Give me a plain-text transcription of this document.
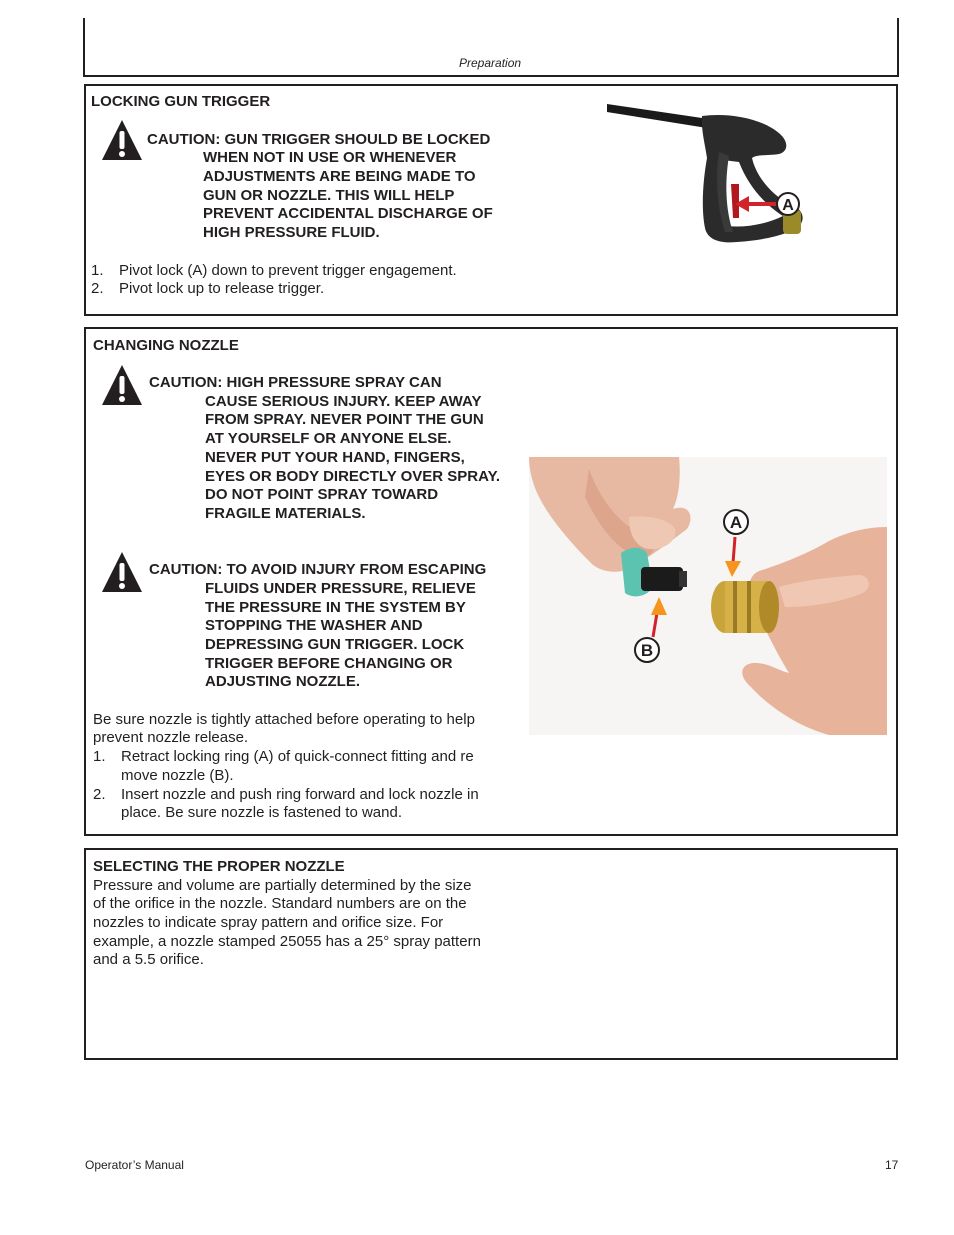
Preparation
LOCKING GUN TRIGGER
CAUTION: GUN TRIGGER SHOULD BE LOCKED
WHEN NOT IN USE OR WHENEVER
ADJUSTMENTS ARE BEING MADE TO
GUN OR NOZZLE. THIS WILL HELP
PREVENT ACCIDENTAL DISCHARGE OF
HIGH PRESSURE FLUID.
1. Pivot lock (A) down to prevent trigger engagement.
2. Pivot lock up to release trigger.
A
CHANGING NOZZLE
CAUTION: HIGH PRESSURE SPRAY CAN
CAUSE SERIOUS INJURY. KEEP AWAY
FROM SPRAY. NEVER POINT THE GUN
AT YOURSELF OR ANYONE ELSE.
NEVER PUT YOUR HAND, FINGERS,
EYES OR BODY DIRECTLY OVER SPRAY.
DO NOT POINT SPRAY TOWARD
FRAGILE MATERIALS.
CAUTION: TO AVOID INJURY FROM ESCAPING
FLUIDS UNDER PRESSURE, RELIEVE
THE PRESSURE IN THE SYSTEM BY
STOPPING THE WASHER AND
DEPRESSING GUN TRIGGER. LOCK
TRIGGER BEFORE CHANGING OR
ADJUSTING NOZZLE.
Be sure nozzle is tightly attached before operating to help
prevent nozzle release.
1. Retract locking ring (A) of quick-connect fitting and re
move nozzle (B).
2. Insert nozzle and push ring forward and lock nozzle in
place. Be sure nozzle is fastened to wand.
A
B
SELECTING THE PROPER NOZZLE
Pressure and volume are partially determined by the size
of the orifice in the nozzle. Standard numbers are on the
nozzles to indicate spray pattern and orifice size. For
example, a nozzle stamped 25055 has a 25° spray pattern
and a 5.5 orifice.
Operator’s Manual	17
